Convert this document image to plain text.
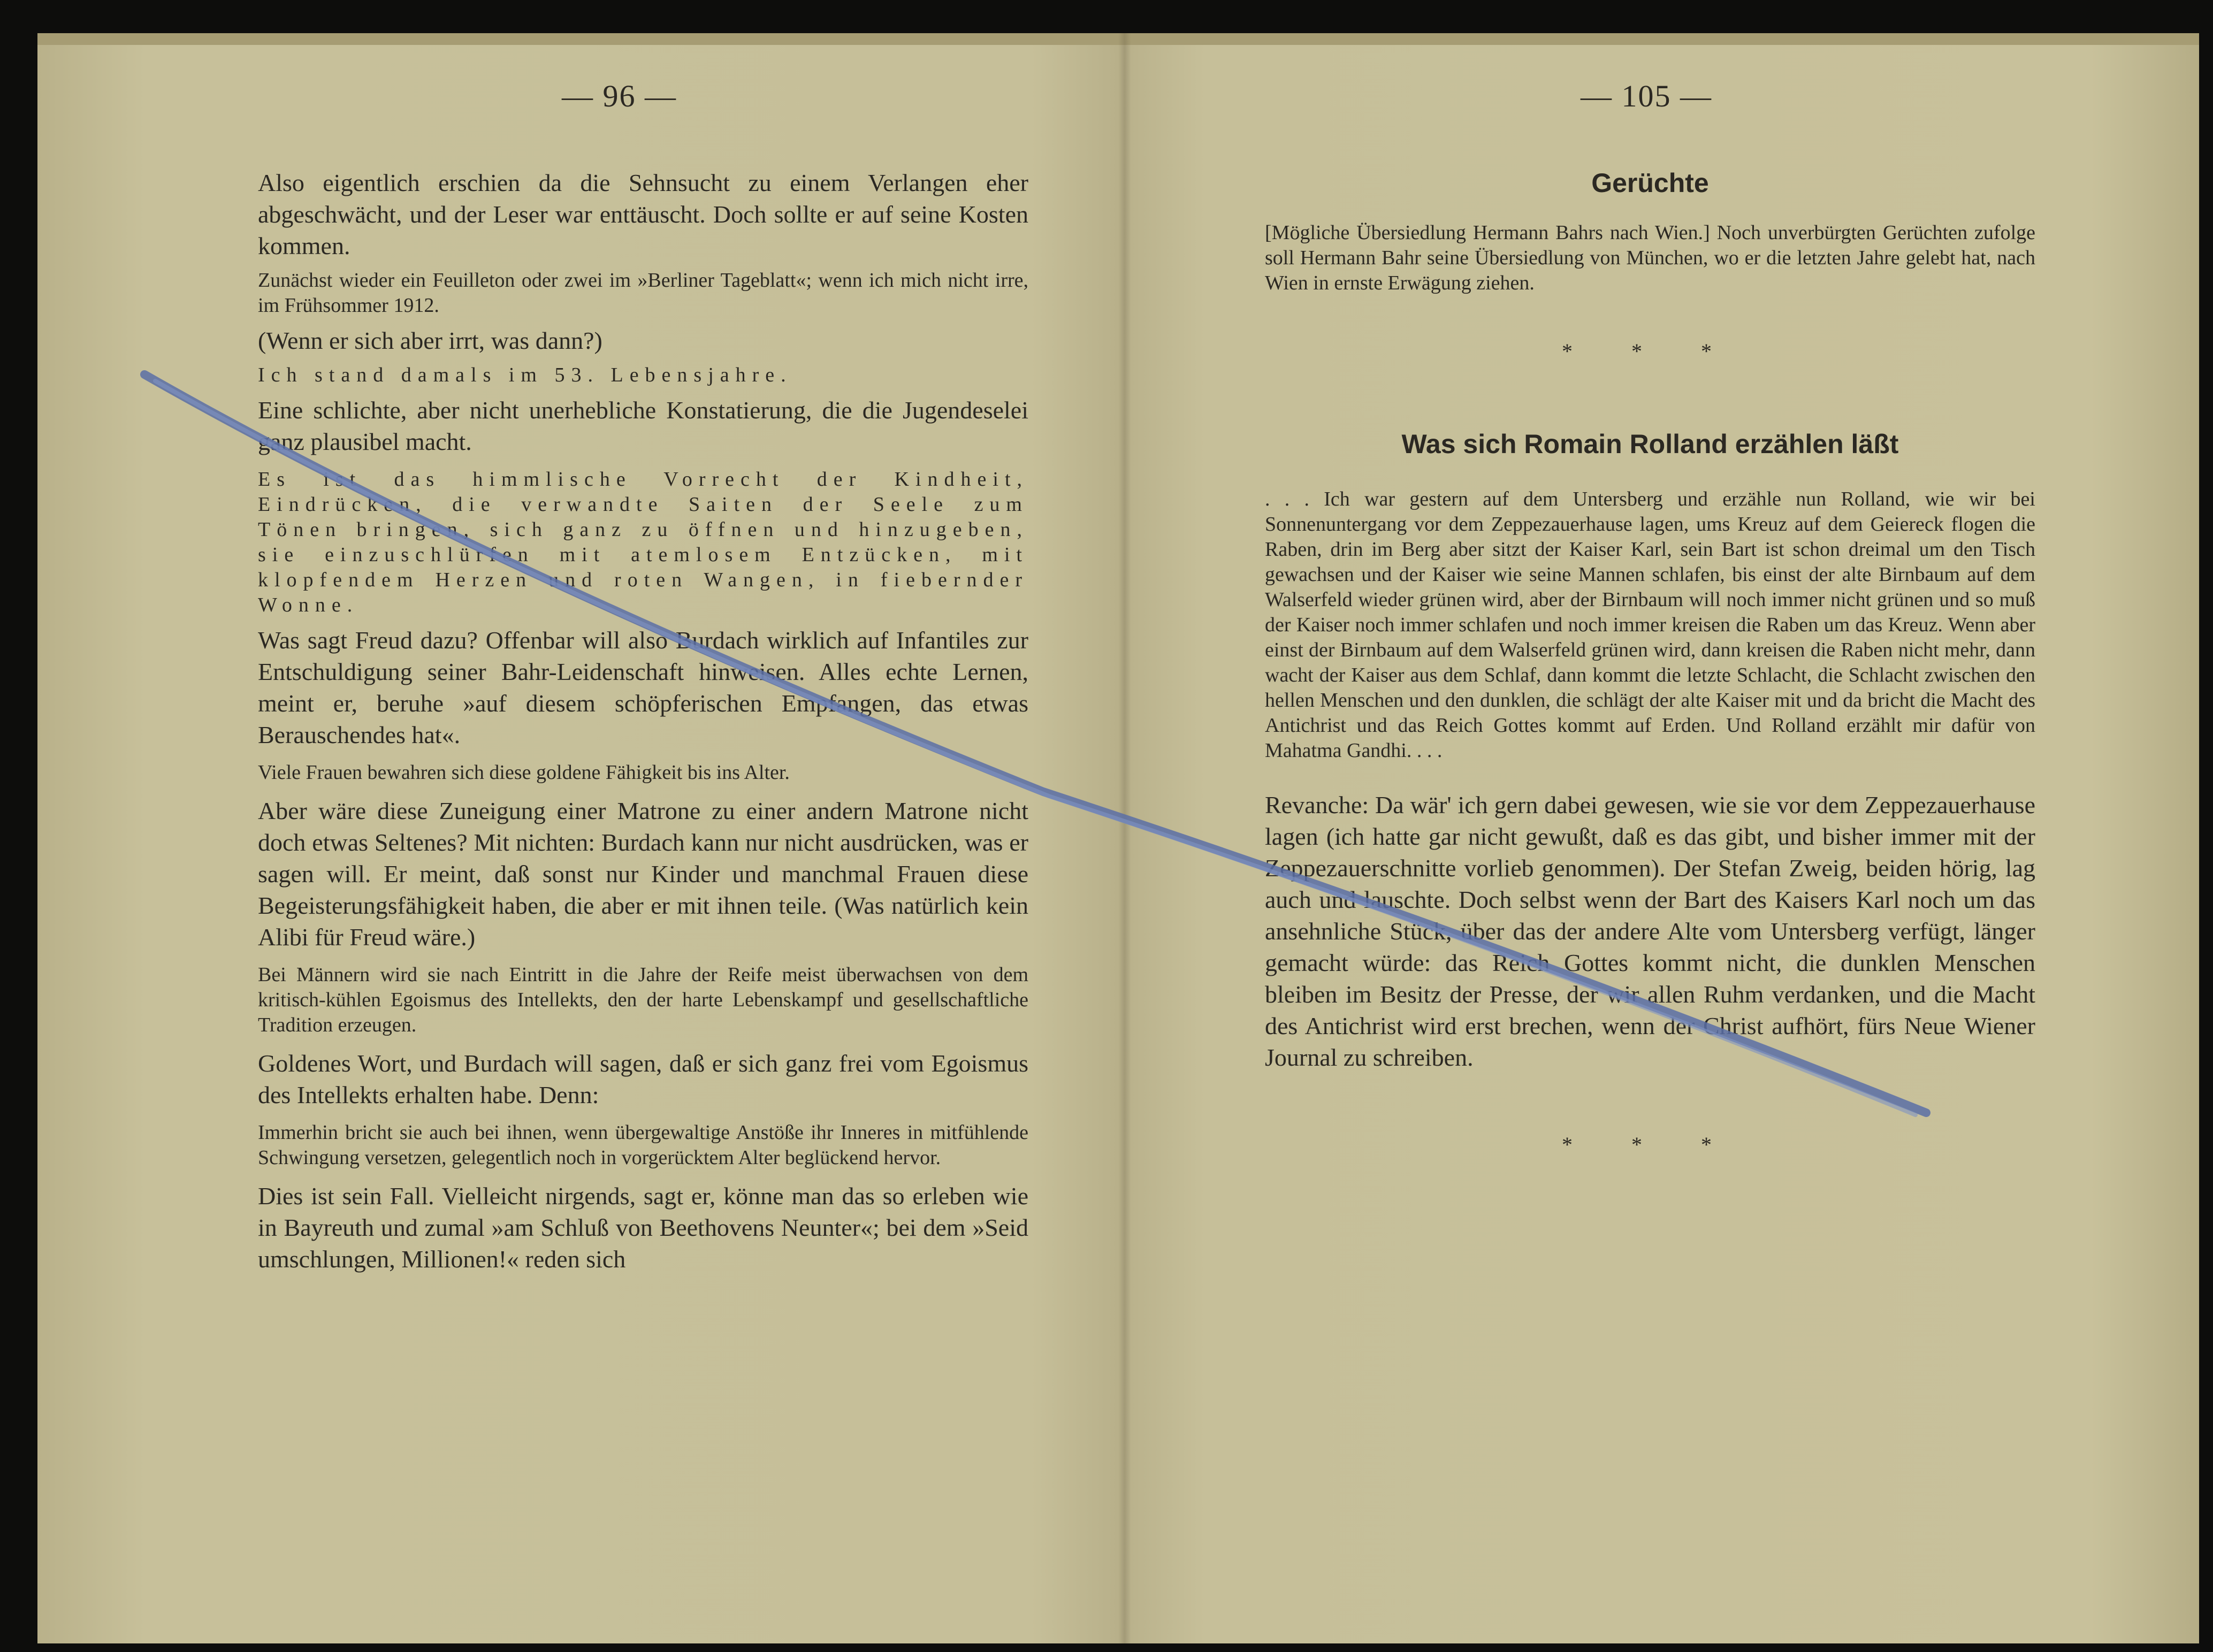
— 96 —

Also eigentlich erschien da die Sehnsucht zu einem Verlangen eher abgeschwächt, und der Leser war enttäuscht. Doch sollte er auf seine Kosten kommen.

Zunächst wieder ein Feuilleton oder zwei im »Berliner Tageblatt«; wenn ich mich nicht irre, im Frühsommer 1912.

(Wenn er sich aber irrt, was dann?)

Ich stand damals im 53. Lebensjahre.

Eine schlichte, aber nicht unerhebliche Konstatierung, die die Jugendeselei ganz plausibel macht.

Es ist das himmlische Vorrecht der Kindheit, Eindrücken, die verwandte Saiten der Seele zum Tönen bringen, sich ganz zu öffnen und hinzugeben, sie einzuschlürfen mit atemlosem Entzücken, mit klopfendem Herzen und roten Wangen, in fiebernder Wonne.

Was sagt Freud dazu? Offenbar will also Burdach wirklich auf Infantiles zur Entschuldigung seiner Bahr-Leidenschaft hinweisen. Alles echte Lernen, meint er, beruhe »auf diesem schöpferischen Empfangen, das etwas Berauschendes hat«.

Viele Frauen bewahren sich diese goldene Fähigkeit bis ins Alter.

Aber wäre diese Zuneigung einer Matrone zu einer andern Matrone nicht doch etwas Seltenes? Mit nichten: Burdach kann nur nicht ausdrücken, was er sagen will. Er meint, daß sonst nur Kinder und manchmal Frauen diese Begeisterungsfähigkeit haben, die aber er mit ihnen teile. (Was natürlich kein Alibi für Freud wäre.)

Bei Männern wird sie nach Eintritt in die Jahre der Reife meist überwachsen von dem kritisch-kühlen Egoismus des Intellekts, den der harte Lebenskampf und gesellschaftliche Tradition erzeugen.

Goldenes Wort, und Burdach will sagen, daß er sich ganz frei vom Egoismus des Intellekts erhalten habe. Denn:

Immerhin bricht sie auch bei ihnen, wenn übergewaltige Anstöße ihr Inneres in mitfühlende Schwingung versetzen, gelegentlich noch in vorgerücktem Alter beglückend hervor.

Dies ist sein Fall. Vielleicht nirgends, sagt er, könne man das so erleben wie in Bayreuth und zumal »am Schluß von Beethovens Neunter«; bei dem »Seid umschlungen, Millionen!« reden sich

— 105 —
Gerüchte

[Mögliche Übersiedlung Hermann Bahrs nach Wien.] Noch unverbürgten Gerüchten zufolge soll Hermann Bahr seine Übersiedlung von München, wo er die letzten Jahre gelebt hat, nach Wien in ernste Erwägung ziehen.

* * *
Was sich Romain Rolland erzählen läßt

. . . Ich war gestern auf dem Untersberg und erzähle nun Rolland, wie wir bei Sonnenuntergang vor dem Zeppezauerhause lagen, ums Kreuz auf dem Geiereck flogen die Raben, drin im Berg aber sitzt der Kaiser Karl, sein Bart ist schon dreimal um den Tisch gewachsen und der Kaiser wie seine Mannen schlafen, bis einst der alte Birnbaum auf dem Walserfeld wieder grünen wird, aber der Birnbaum will noch immer nicht grünen und so muß der Kaiser noch immer schlafen und noch immer kreisen die Raben um das Kreuz. Wenn aber einst der Birnbaum auf dem Walserfeld grünen wird, dann kreisen die Raben nicht mehr, dann wacht der Kaiser aus dem Schlaf, dann kommt die letzte Schlacht, die Schlacht zwischen den hellen Menschen und den dunklen, die schlägt der alte Kaiser mit und da bricht die Macht des Antichrist und das Reich Gottes kommt auf Erden. Und Rolland erzählt mir dafür von Mahatma Gandhi. . . .

Revanche: Da wär' ich gern dabei gewesen, wie sie vor dem Zeppezauerhause lagen (ich hatte gar nicht gewußt, daß es das gibt, und bisher immer mit der Zeppezauerschnitte vorlieb genommen). Der Stefan Zweig, beiden hörig, lag auch und lauschte. Doch selbst wenn der Bart des Kaisers Karl noch um das ansehnliche Stück, über das der andere Alte vom Untersberg verfügt, länger gemacht würde: das Reich Gottes kommt nicht, die dunklen Menschen bleiben im Besitz der Presse, der wir allen Ruhm verdanken, und die Macht des Antichrist wird erst brechen, wenn der Christ aufhört, fürs Neue Wiener Journal zu schreiben.

* * *
